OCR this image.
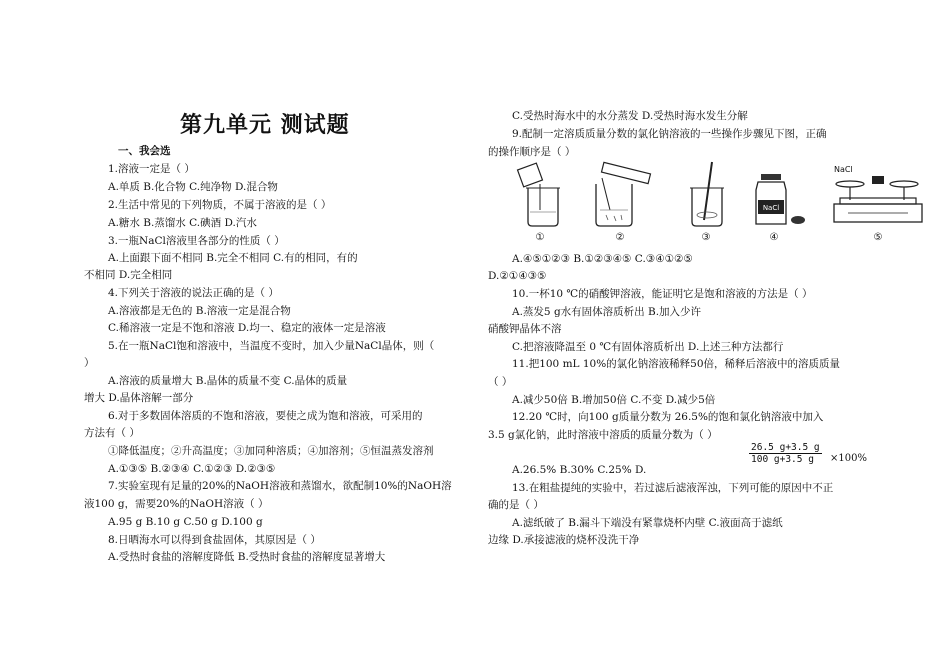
第九单元 测试题
一、我会选
1.溶液一定是（ ）
A.单质 B.化合物 C.纯净物 D.混合物
2.生活中常见的下列物质，不属于溶液的是（ ）
A.糖水 B.蒸馏水 C.碘酒 D.汽水
3.一瓶NaCl溶液里各部分的性质（ ）
A.上面跟下面不相同 B.完全不相同 C.有的相同，有的
不相同 D.完全相同
4.下列关于溶液的说法正确的是（ ）
A.溶液都是无色的 B.溶液一定是混合物
C.稀溶液一定是不饱和溶液 D.均一、稳定的液体一定是溶液
5.在一瓶NaCl饱和溶液中，当温度不变时，加入少量NaCl晶体，则（
）
A.溶液的质量增大 B.晶体的质量不变 C.晶体的质量
增大 D.晶体溶解一部分
6.对于多数固体溶质的不饱和溶液，要使之成为饱和溶液，可采用的
方法有（ ）
①降低温度；②升高温度；③加同种溶质；④加溶剂；⑤恒温蒸发溶剂
A.①③⑤ B.②③④ C.①②③ D.②③⑤
7.实验室现有足量的20%的NaOH溶液和蒸馏水，欲配制10%的NaOH溶
液100 g，需要20%的NaOH溶液（ ）
A.95 g B.10 g C.50 g D.100 g
8.日晒海水可以得到食盐固体，其原因是（ ）
A.受热时食盐的溶解度降低 B.受热时食盐的溶解度显著增大
C.受热时海水中的水分蒸发 D.受热时海水发生分解
9.配制一定溶质质量分数的氯化钠溶液的一些操作步骤见下图，正确
的操作顺序是（ ）
NaCl
NaCl
①	②	③	④	⑤
A.④⑤①②③ B.①②③④⑤ C.③④①②⑤
D.②①④③⑤
10.一杯10 ℃的硝酸钾溶液，能证明它是饱和溶液的方法是（ ）
A.蒸发5 g水有固体溶质析出 B.加入少许
硝酸钾晶体不溶
C.把溶液降温至 0 ℃有固体溶质析出 D.上述三种方法都行
11.把100 mL 10%的氯化钠溶液稀释50倍，稀释后溶液中的溶质质量
（ ）
A.减少50倍 B.增加50倍 C.不变 D.减少5倍
12.20 ℃时，向100 g质量分数为 26.5%的饱和氯化钠溶液中加入
3.5 g氯化钠，此时溶液中溶质的质量分数为（ ）
A.26.5% B.30% C.25% D.
$\frac{26.5 g+3.5 g}{100 g+3.5 g} \times 100\%$
13.在粗盐提纯的实验中，若过滤后滤液浑浊，下列可能的原因中不正
确的是（ ）
A.滤纸破了 B.漏斗下端没有紧靠烧杯内壁 C.液面高于滤纸
边缘 D.承接滤液的烧杯没洗干净
